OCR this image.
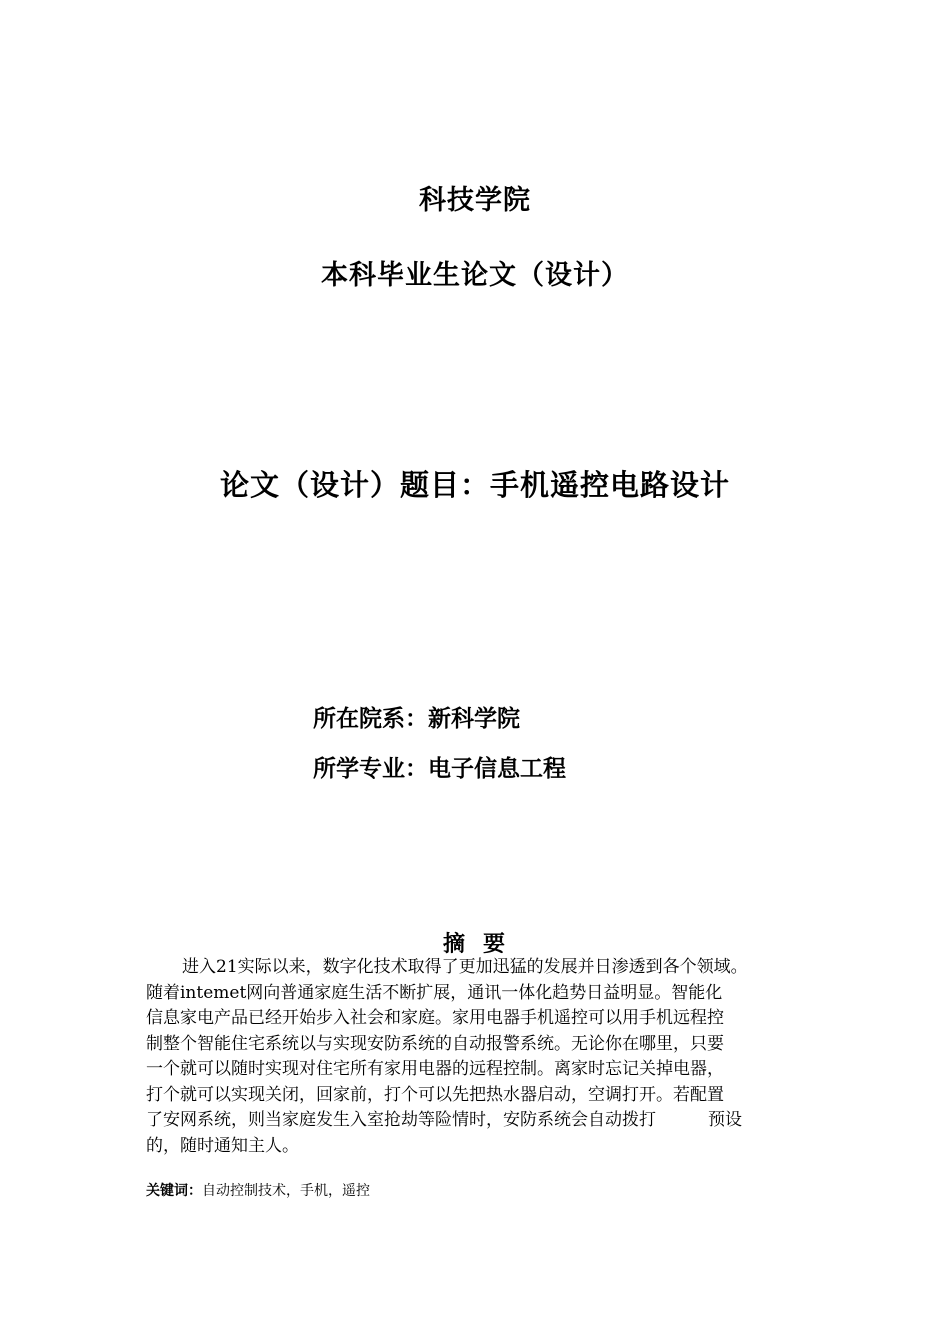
科技学院
本科毕业生论文（设计）
论文（设计）题目：手机遥控电路设计
所在院系：新科学院
所学专业：电子信息工程
摘要
进入21实际以来，数字化技术取得了更加迅猛的发展并日渗透到各个领域。
随着intemet网向普通家庭生活不断扩展，通讯一体化趋势日益明显。智能化
信息家电产品已经开始步入社会和家庭。家用电器手机遥控可以用手机远程控
制整个智能住宅系统以与实现安防系统的自动报警系统。无论你在哪里，只要
一个就可以随时实现对住宅所有家用电器的远程控制。离家时忘记关掉电器，
打个就可以实现关闭，回家前，打个可以先把热水器启动，空调打开。若配置
了安网系统，则当家庭发生入室抢劫等险情时，安防系统会自动拨打	预设
的，随时通知主人。
关键词：自动控制技术，手机，遥控
